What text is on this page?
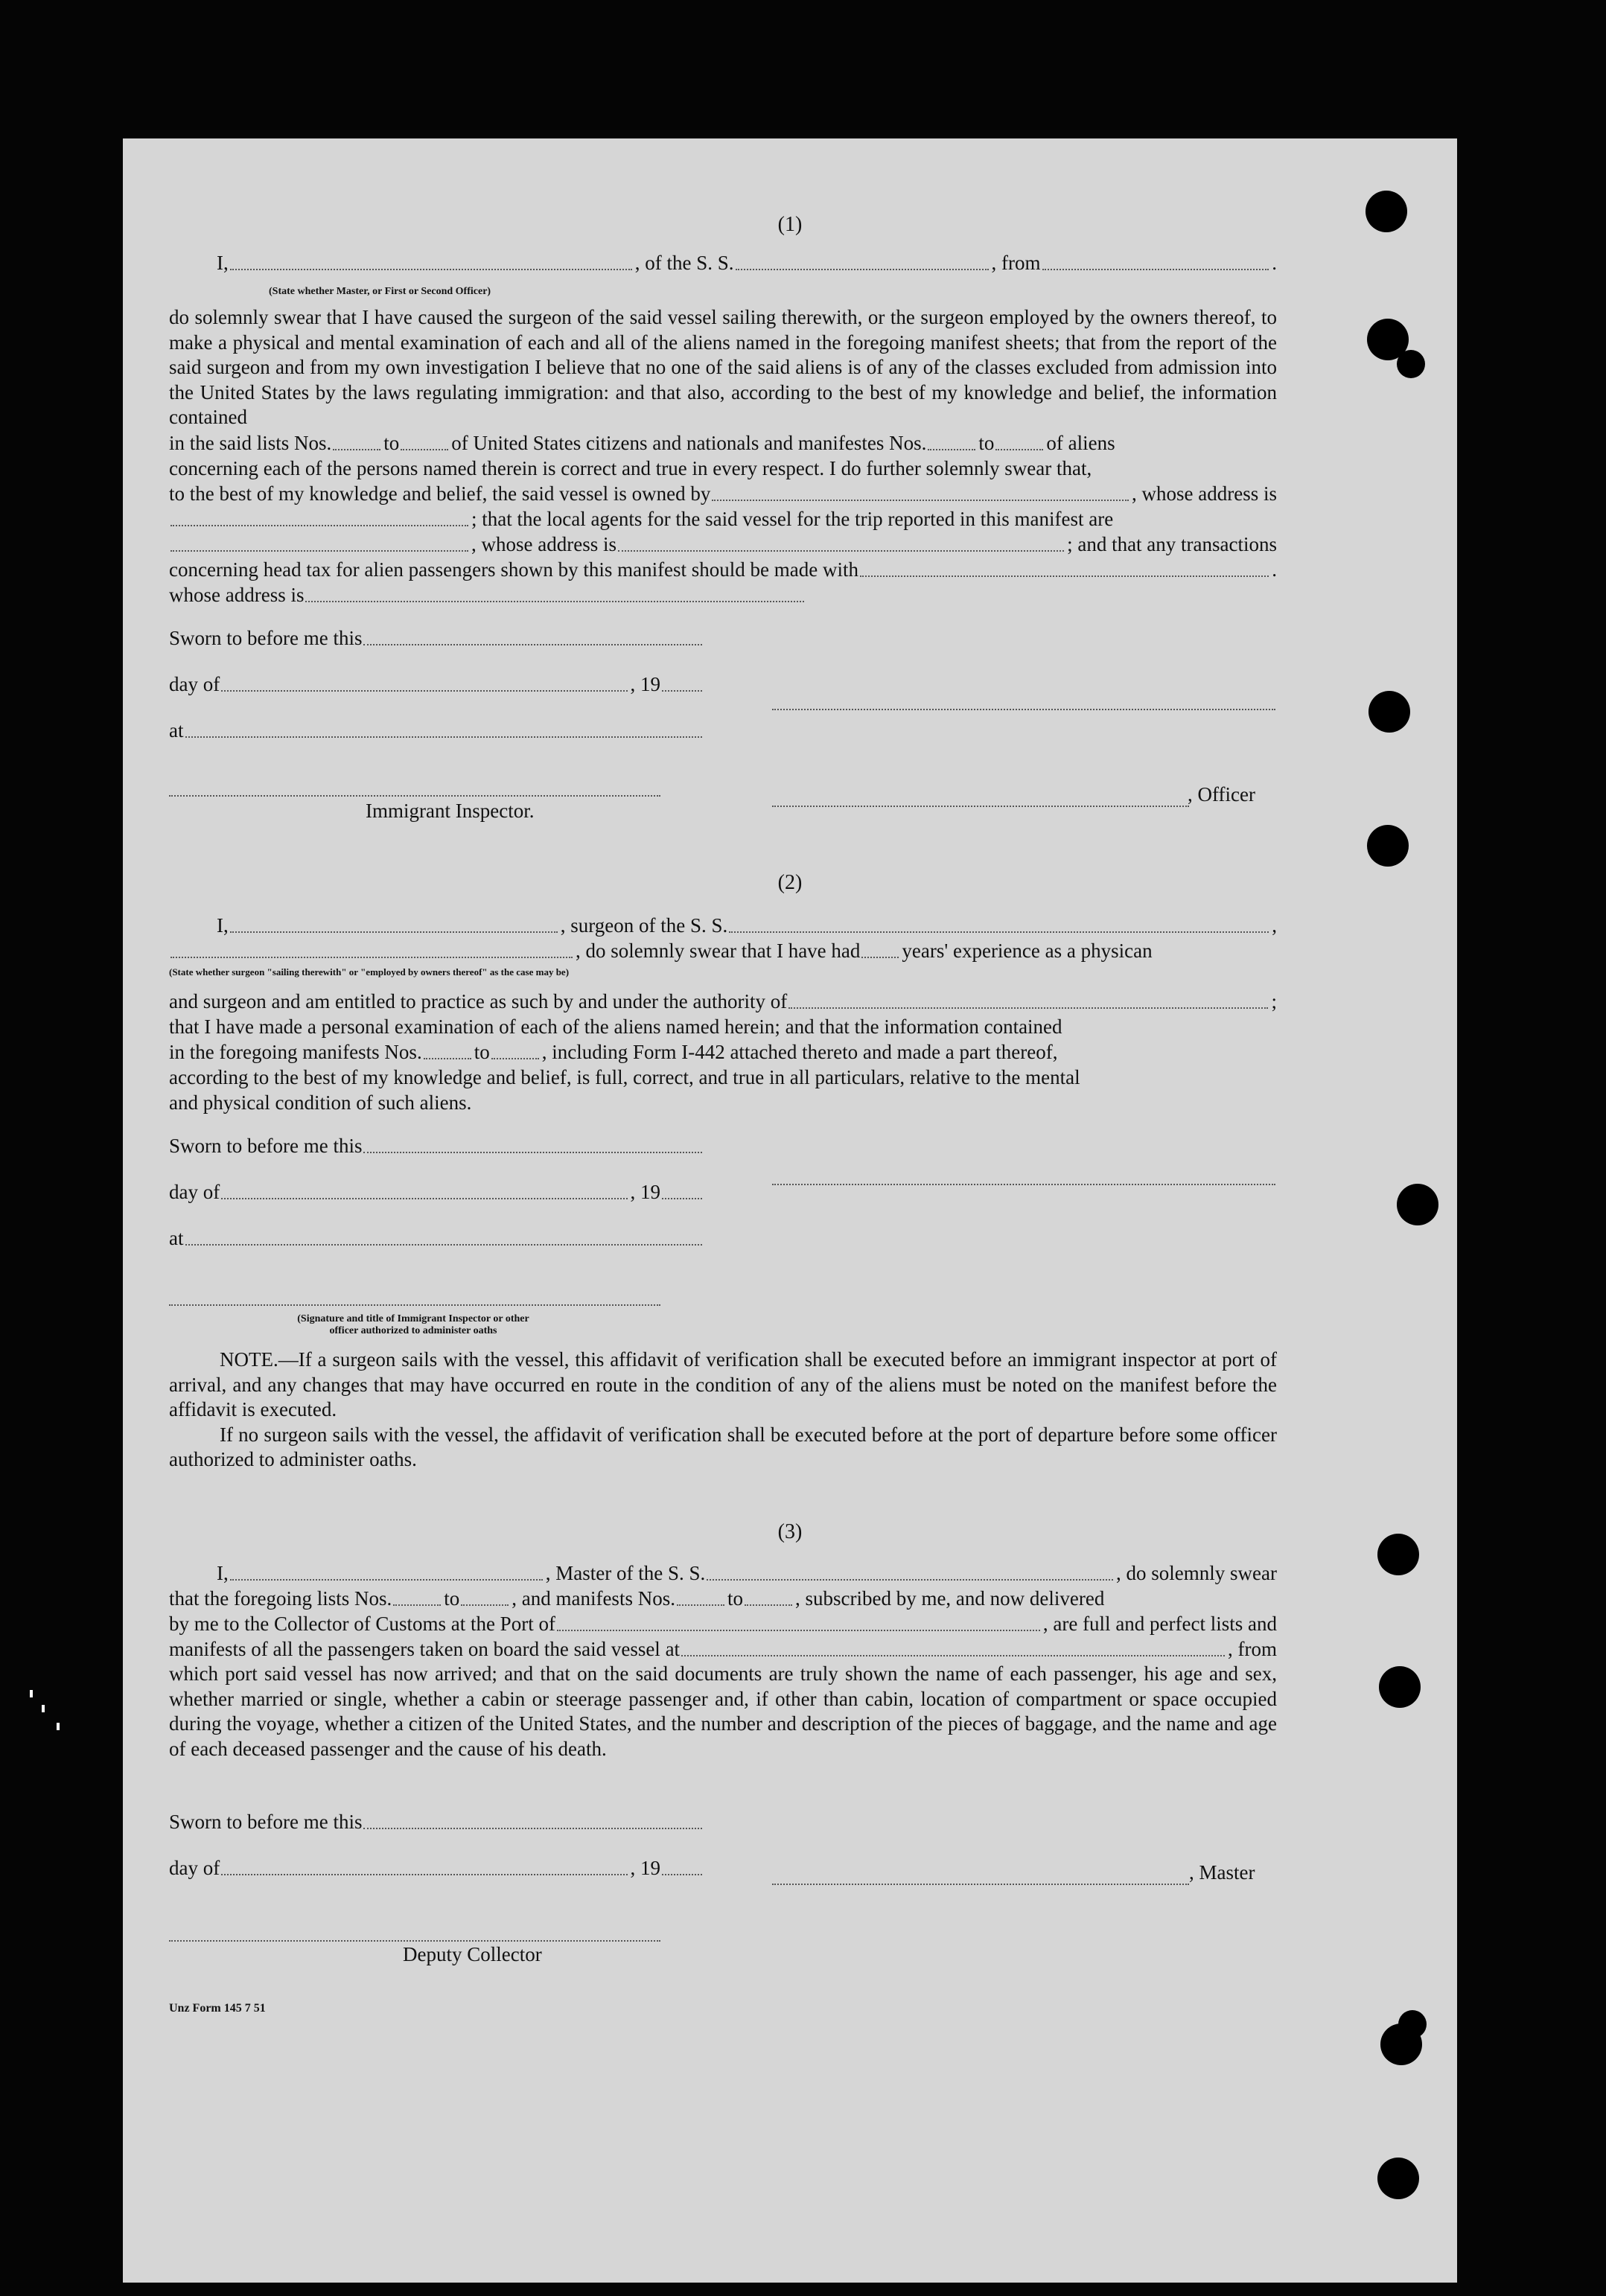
(1)
I,	, of the S. S.	, from	.
(State whether Master, or First or Second Officer)
do solemnly swear that I have caused the surgeon of the said vessel sailing therewith, or the surgeon employed by the owners thereof, to make a physical and mental examination of each and all of the aliens named in the foregoing manifest sheets; that from the report of the said surgeon and from my own investigation I believe that no one of the said aliens is of any of the classes excluded from admission into the United States by the laws regulating immigration: and that also, according to the best of my knowledge and belief, the information contained
in the said lists Nos.	to	of United States citizens and nationals and manifestes Nos.	to	of aliens
concerning each of the persons named therein is correct and true in every respect. I do further solemnly swear that,
to the best of my knowledge and belief, the said vessel is owned by	, whose address is
; that the local agents for the said vessel for the trip reported in this manifest are
, whose address is	; and that any transactions
concerning head tax for alien passengers shown by this manifest should be made with	.
whose address is
Sworn to before me this
day of	, 19
at
Immigrant Inspector.
, Officer
(2)
I,	, surgeon of the S. S.	,
, do solemnly swear that I have had years' experience as a physican
(State whether surgeon "sailing therewith" or "employed by owners thereof" as the case may be)
and surgeon and am entitled to practice as such by and under the authority of	;
that I have made a personal examination of each of the aliens named herein; and that the information contained
in the foregoing manifests Nos.	to	, including Form I-442 attached thereto and made a part thereof,
according to the best of my knowledge and belief, is full, correct, and true in all particulars, relative to the mental
and physical condition of such aliens.
Sworn to before me this
day of	, 19
at
(Signature and title of Immigrant Inspector or other
officer authorized to administer oaths
NOTE.—If a surgeon sails with the vessel, this affidavit of verification shall be executed before an immigrant inspector at port of arrival, and any changes that may have occurred en route in the condition of any of the aliens must be noted on the manifest before the affidavit is executed.
If no surgeon sails with the vessel, the affidavit of verification shall be executed before at the port of departure before some officer authorized to administer oaths.
(3)
I,	, Master of the S. S.	, do solemnly swear
that the foregoing lists Nos.	to	, and manifests Nos.	to	, subscribed by me, and now delivered
by me to the Collector of Customs at the Port of	, are full and perfect lists and
manifests of all the passengers taken on board the said vessel at	, from
which port said vessel has now arrived; and that on the said documents are truly shown the name of each passenger, his age and sex, whether married or single, whether a cabin or steerage passenger and, if other than cabin, location of compartment or space occupied during the voyage, whether a citizen of the United States, and the number and description of the pieces of baggage, and the name and age of each deceased passenger and the cause of his death.
Sworn to before me this
day of	, 19	, Master
Deputy Collector
Unz Form 145 7 51
